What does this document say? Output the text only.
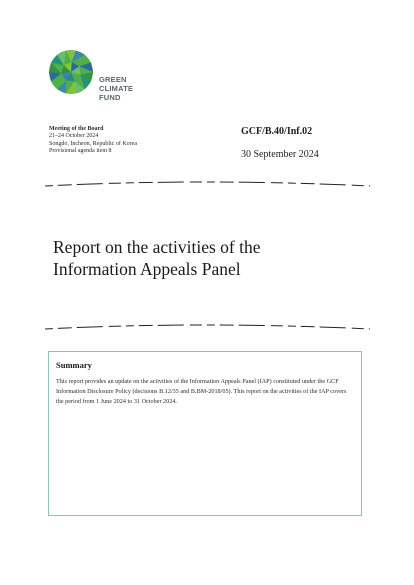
GREEN
CLIMATE
FUND
Meeting of the Board
21–24 October 2024
Songdo, Incheon, Republic of Korea
Provisional agenda item 8
GCF/B.40/Inf.02
30 September 2024
Report on the activities of the
Information Appeals Panel
Summary
This report provides an update on the activities of the Information Appeals Panel (IAP) constituted under the GCF Information Disclosure Policy (decisions B.12/35 and B.BM-2018/05). This report on the activities of the IAP covers the period from 1 June 2024 to 31 October 2024.
